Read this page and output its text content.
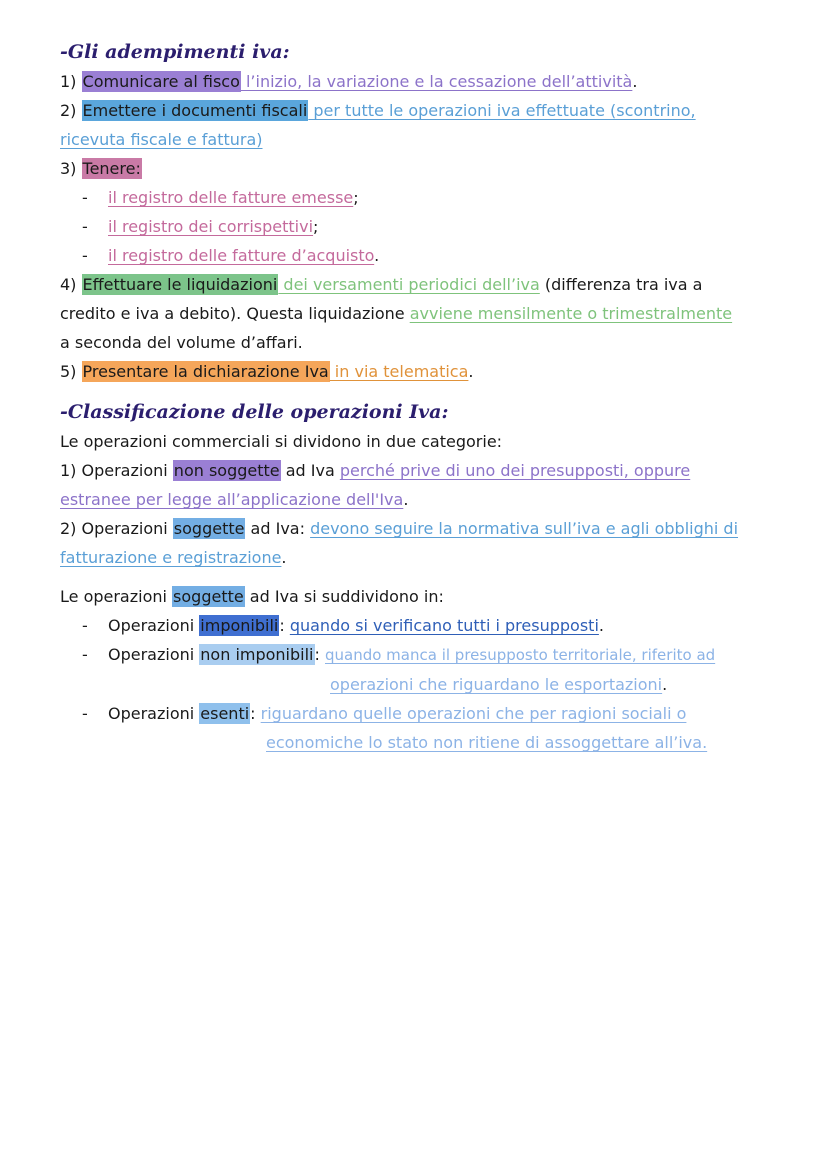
-Gli adempimenti iva:

1) Comunicare al fisco l’inizio, la variazione e la cessazione dell’attività.

2) Emettere i documenti fiscali per tutte le operazioni iva effettuate (scontrino,

ricevuta fiscale e fattura)

3) Tenere:

- il registro delle fatture emesse;

- il registro dei corrispettivi;

- il registro delle fatture d’acquisto.

4) Effettuare le liquidazioni dei versamenti periodici dell’iva (differenza tra iva a

credito e iva a debito). Questa liquidazione avviene mensilmente o trimestralmente

a seconda del volume d’affari.

5) Presentare la dichiarazione Iva in via telematica.

-Classificazione delle operazioni Iva:

Le operazioni commerciali si dividono in due categorie:

1) Operazioni non soggette ad Iva perché prive di uno dei presupposti, oppure

estranee per legge all’applicazione dell'Iva.

2) Operazioni soggette ad Iva: devono seguire la normativa sull’iva e agli obblighi di

fatturazione e registrazione.

Le operazioni soggette ad Iva si suddividono in:

- Operazioni imponibili: quando si verificano tutti i presupposti.

- Operazioni non imponibili: quando manca il presupposto territoriale, riferito ad

operazioni che riguardano le esportazioni.

- Operazioni esenti: riguardano quelle operazioni che per ragioni sociali o

economiche lo stato non ritiene di assoggettare all’iva.
